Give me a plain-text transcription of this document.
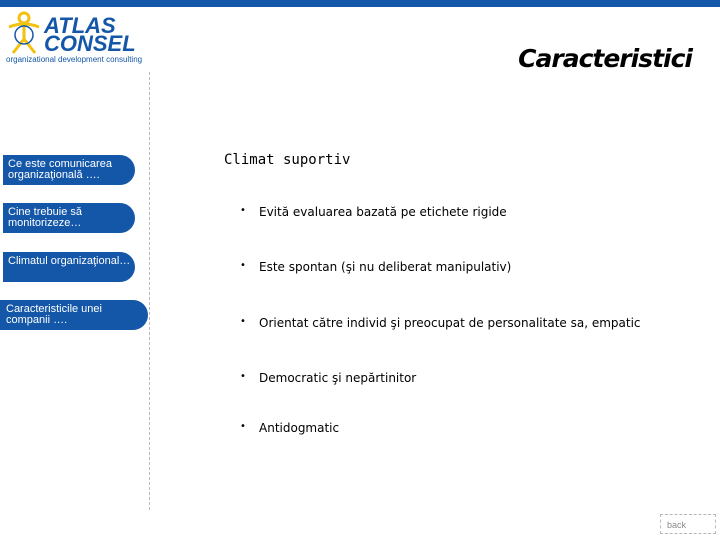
ATLAS
CONSEL
organizational development consulting	Caracteristici
Ce este comunicarea organizaţională ….
Cine trebuie să monitorizeze…
Climatul organizaţional…
Caracteristicile unei companii ….
Climat suportiv
• Evită evaluarea bazată pe etichete rigide
• Este spontan (şi nu deliberat manipulativ)
• Orientat către individ şi preocupat de personalitate sa, empatic
• Democratic şi nepărtinitor
• Antidogmatic
back
